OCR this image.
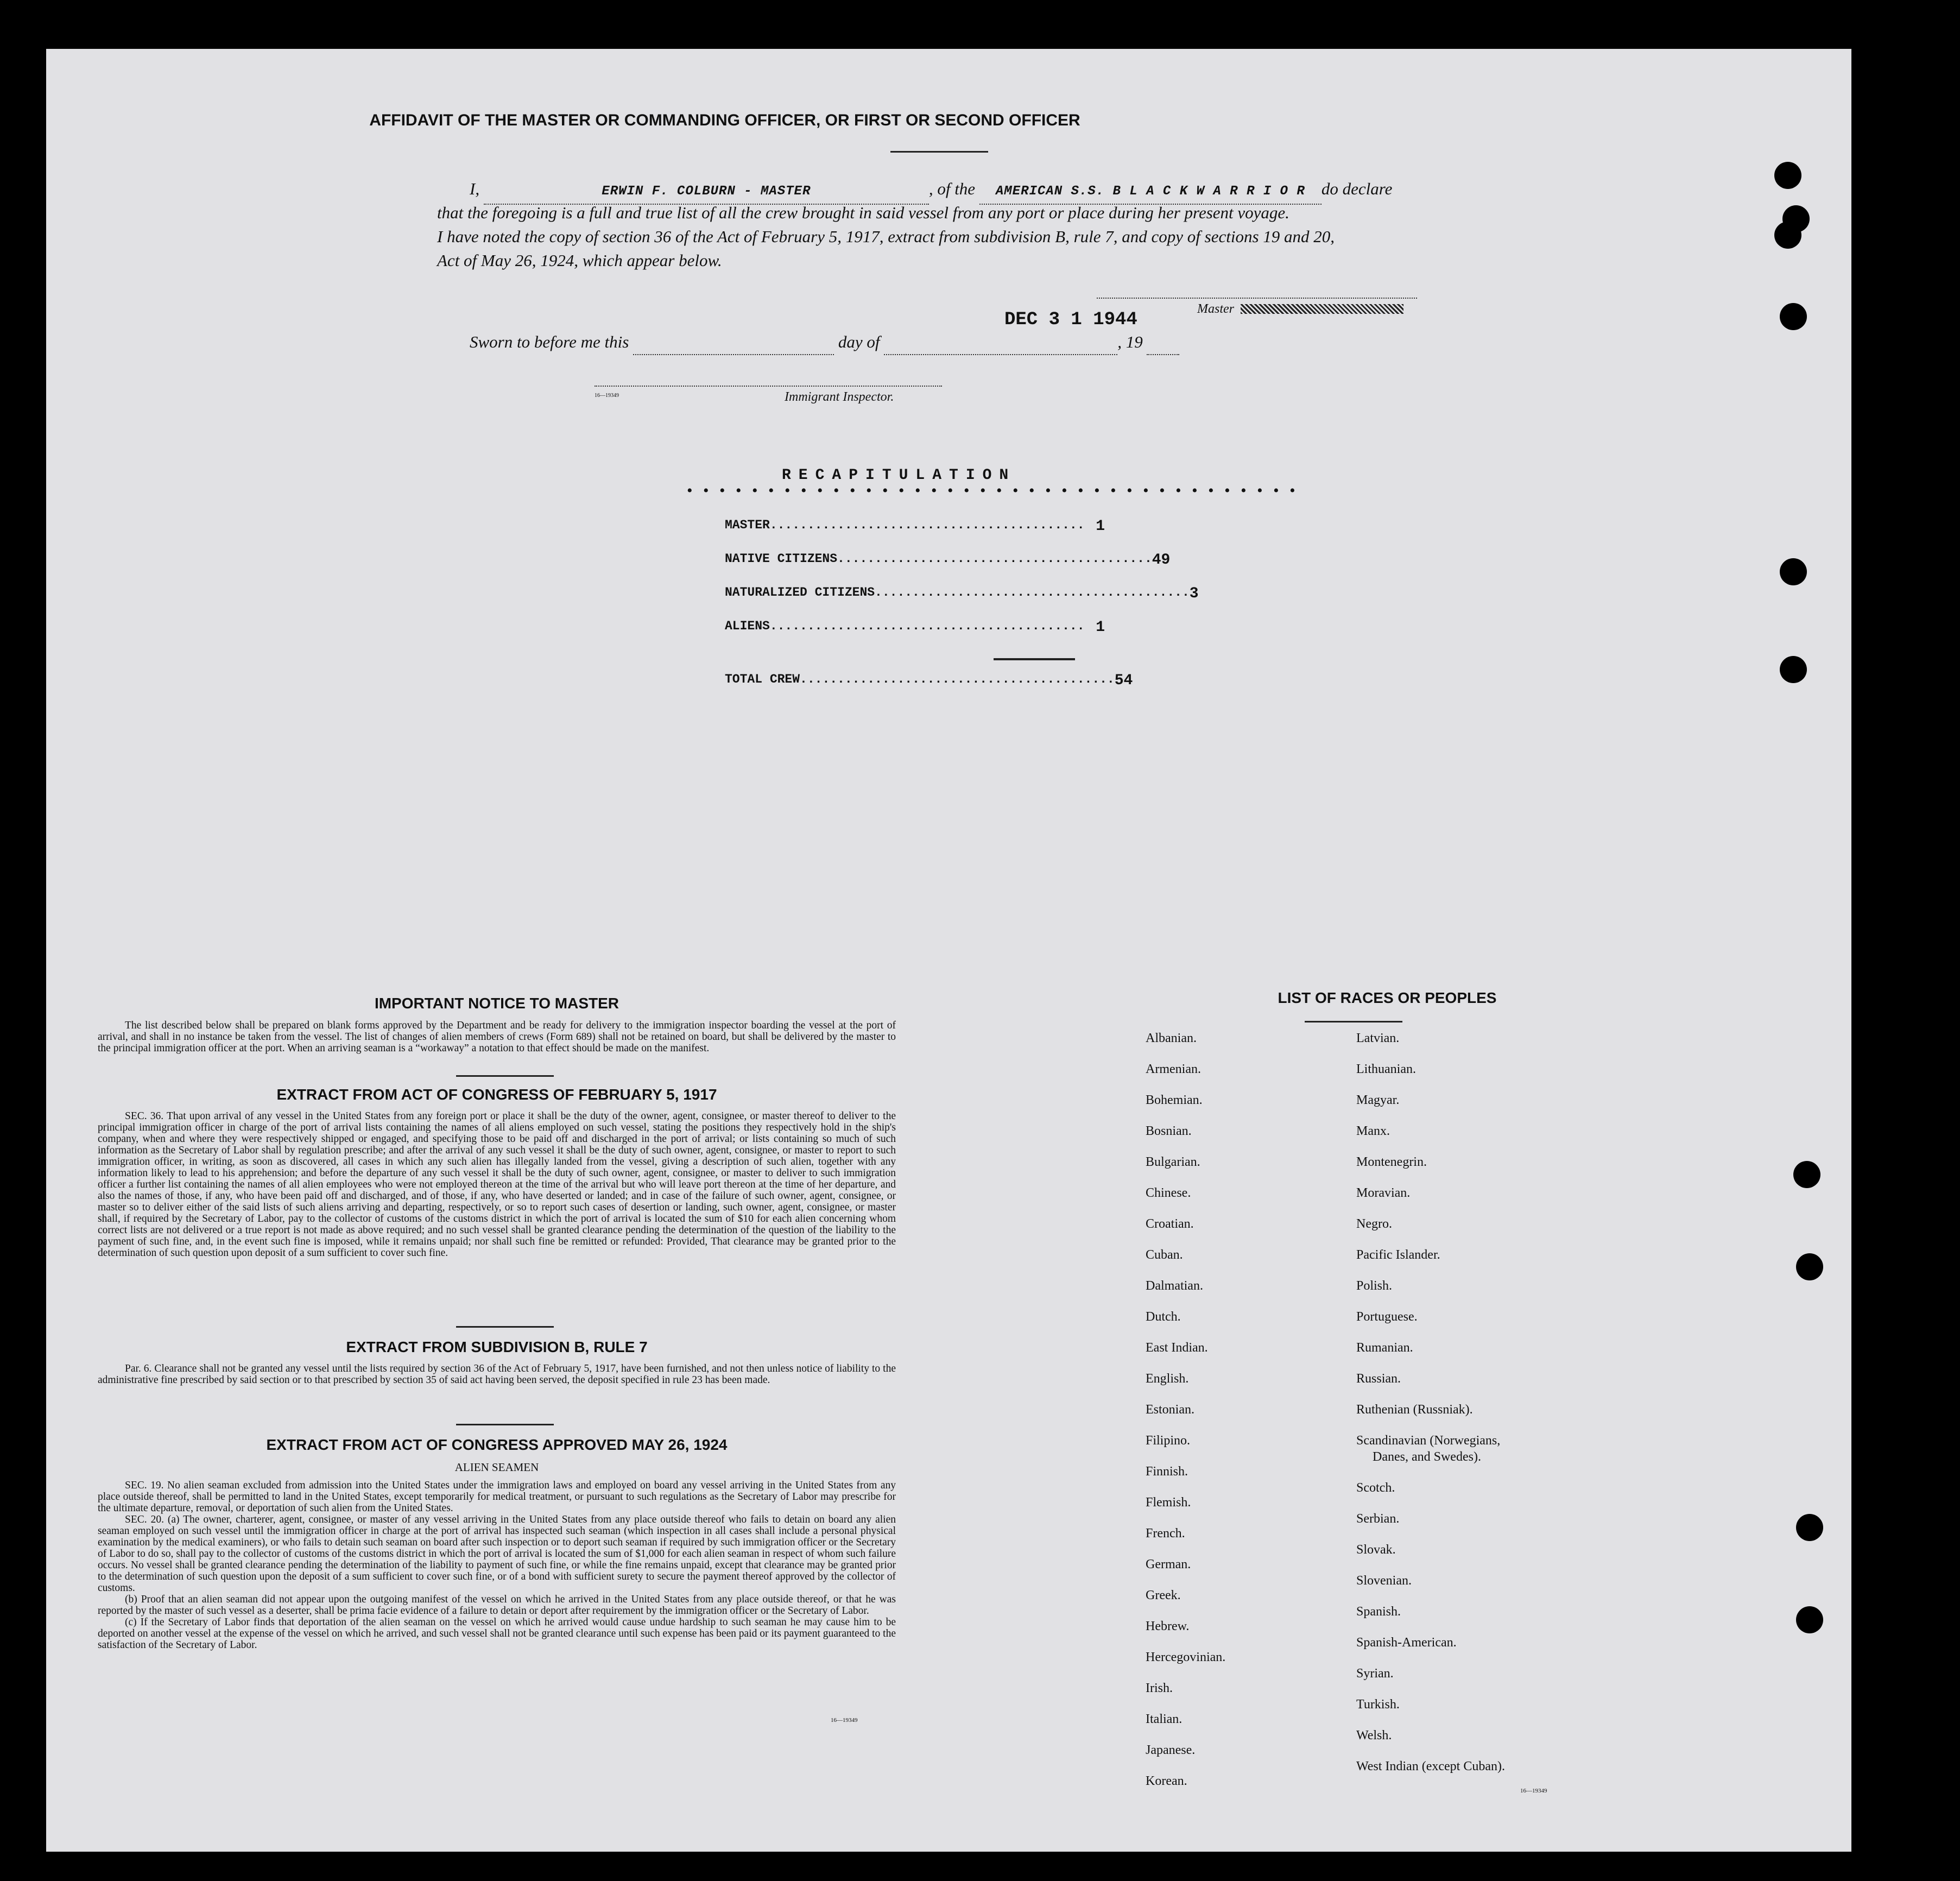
AFFIDAVIT OF THE MASTER OR COMMANDING OFFICER, OR FIRST OR SECOND OFFICER
I,	ERWIN F. COLBURN - MASTER	, of the AMERICAN S.S. B L A C K W A R R I O R do declare
that the foregoing is a full and true list of all the crew brought in said vessel from any port or place during her present voyage.
I have noted the copy of section 36 of the Act of February 5, 1917, extract from subdivision B, rule 7, and copy of sections 19 and 20,
Act of May 26, 1924, which appear below.
Master
Sworn to before me this	day of	, 19
DEC 3 1 1944
16—19349	Immigrant Inspector.
RECAPITULATION
• • • • • • • • • • • • • • • • • • • • • • • • • • • • • • • • • • • • • •
MASTER .......................................... 1
NATIVE CITIZENS .......................................... 49
NATURALIZED CITIZENS .......................................... 3
ALIENS .......................................... 1
TOTAL CREW .......................................... 54
IMPORTANT NOTICE TO MASTER

The list described below shall be prepared on blank forms approved by the Department and be ready for delivery to the immigration inspector boarding the vessel at the port of arrival, and shall in no instance be taken from the vessel. The list of changes of alien members of crews (Form 689) shall not be retained on board, but shall be delivered by the master to the principal immigration officer at the port. When an arriving seaman is a “workaway” a notation to that effect should be made on the manifest.

EXTRACT FROM ACT OF CONGRESS OF FEBRUARY 5, 1917

SEC. 36. That upon arrival of any vessel in the United States from any foreign port or place it shall be the duty of the owner, agent, consignee, or master thereof to deliver to the principal immigration officer in charge of the port of arrival lists containing the names of all aliens employed on such vessel, stating the positions they respectively hold in the ship's company, when and where they were respectively shipped or engaged, and specifying those to be paid off and discharged in the port of arrival; or lists containing so much of such information as the Secretary of Labor shall by regulation prescribe; and after the arrival of any such vessel it shall be the duty of such owner, agent, consignee, or master to report to such immigration officer, in writing, as soon as discovered, all cases in which any such alien has illegally landed from the vessel, giving a description of such alien, together with any information likely to lead to his apprehension; and before the departure of any such vessel it shall be the duty of such owner, agent, consignee, or master to deliver to such immigration officer a further list containing the names of all alien employees who were not employed thereon at the time of the arrival but who will leave port thereon at the time of her departure, and also the names of those, if any, who have been paid off and discharged, and of those, if any, who have deserted or landed; and in case of the failure of such owner, agent, consignee, or master so to deliver either of the said lists of such aliens arriving and departing, respectively, or so to report such cases of desertion or landing, such owner, agent, consignee, or master shall, if required by the Secretary of Labor, pay to the collector of customs of the customs district in which the port of arrival is located the sum of $10 for each alien concerning whom correct lists are not delivered or a true report is not made as above required; and no such vessel shall be granted clearance pending the determination of the question of the liability to the payment of such fine, and, in the event such fine is imposed, while it remains unpaid; nor shall such fine be remitted or refunded: Provided, That clearance may be granted prior to the determination of such question upon deposit of a sum sufficient to cover such fine.

EXTRACT FROM SUBDIVISION B, RULE 7

Par. 6. Clearance shall not be granted any vessel until the lists required by section 36 of the Act of February 5, 1917, have been furnished, and not then unless notice of liability to the administrative fine prescribed by said section or to that prescribed by section 35 of said act having been served, the deposit specified in rule 23 has been made.

EXTRACT FROM ACT OF CONGRESS APPROVED MAY 26, 1924
ALIEN SEAMEN

SEC. 19. No alien seaman excluded from admission into the United States under the immigration laws and employed on board any vessel arriving in the United States from any place outside thereof, shall be permitted to land in the United States, except temporarily for medical treatment, or pursuant to such regulations as the Secretary of Labor may prescribe for the ultimate departure, removal, or deportation of such alien from the United States.

SEC. 20. (a) The owner, charterer, agent, consignee, or master of any vessel arriving in the United States from any place outside thereof who fails to detain on board any alien seaman employed on such vessel until the immigration officer in charge at the port of arrival has inspected such seaman (which inspection in all cases shall include a personal physical examination by the medical examiners), or who fails to detain such seaman on board after such inspection or to deport such seaman if required by such immigration officer or the Secretary of Labor to do so, shall pay to the collector of customs of the customs district in which the port of arrival is located the sum of $1,000 for each alien seaman in respect of whom such failure occurs. No vessel shall be granted clearance pending the determination of the liability to payment of such fine, or while the fine remains unpaid, except that clearance may be granted prior to the determination of such question upon the deposit of a sum sufficient to cover such fine, or of a bond with sufficient surety to secure the payment thereof approved by the collector of customs.

(b) Proof that an alien seaman did not appear upon the outgoing manifest of the vessel on which he arrived in the United States from any place outside thereof, or that he was reported by the master of such vessel as a deserter, shall be prima facie evidence of a failure to detain or deport after requirement by the immigration officer or the Secretary of Labor.

(c) If the Secretary of Labor finds that deportation of the alien seaman on the vessel on which he arrived would cause undue hardship to such seaman he may cause him to be deported on another vessel at the expense of the vessel on which he arrived, and such vessel shall not be granted clearance until such expense has been paid or its payment guaranteed to the satisfaction of the Secretary of Labor.

16—19349
LIST OF RACES OR PEOPLES
Albanian.
Armenian.
Bohemian.
Bosnian.
Bulgarian.
Chinese.
Croatian.
Cuban.
Dalmatian.
Dutch.
East Indian.
English.
Estonian.
Filipino.
Finnish.
Flemish.
French.
German.
Greek.
Hebrew.
Hercegovinian.
Irish.
Italian.
Japanese.
Korean.
Latvian.
Lithuanian.
Magyar.
Manx.
Montenegrin.
Moravian.
Negro.
Pacific Islander.
Polish.
Portuguese.
Rumanian.
Russian.
Ruthenian (Russniak).
Scandinavian (Norwegians,
Danes, and Swedes).
Scotch.
Serbian.
Slovak.
Slovenian.
Spanish.
Spanish-American.
Syrian.
Turkish.
Welsh.
West Indian (except Cuban).
16—19349
